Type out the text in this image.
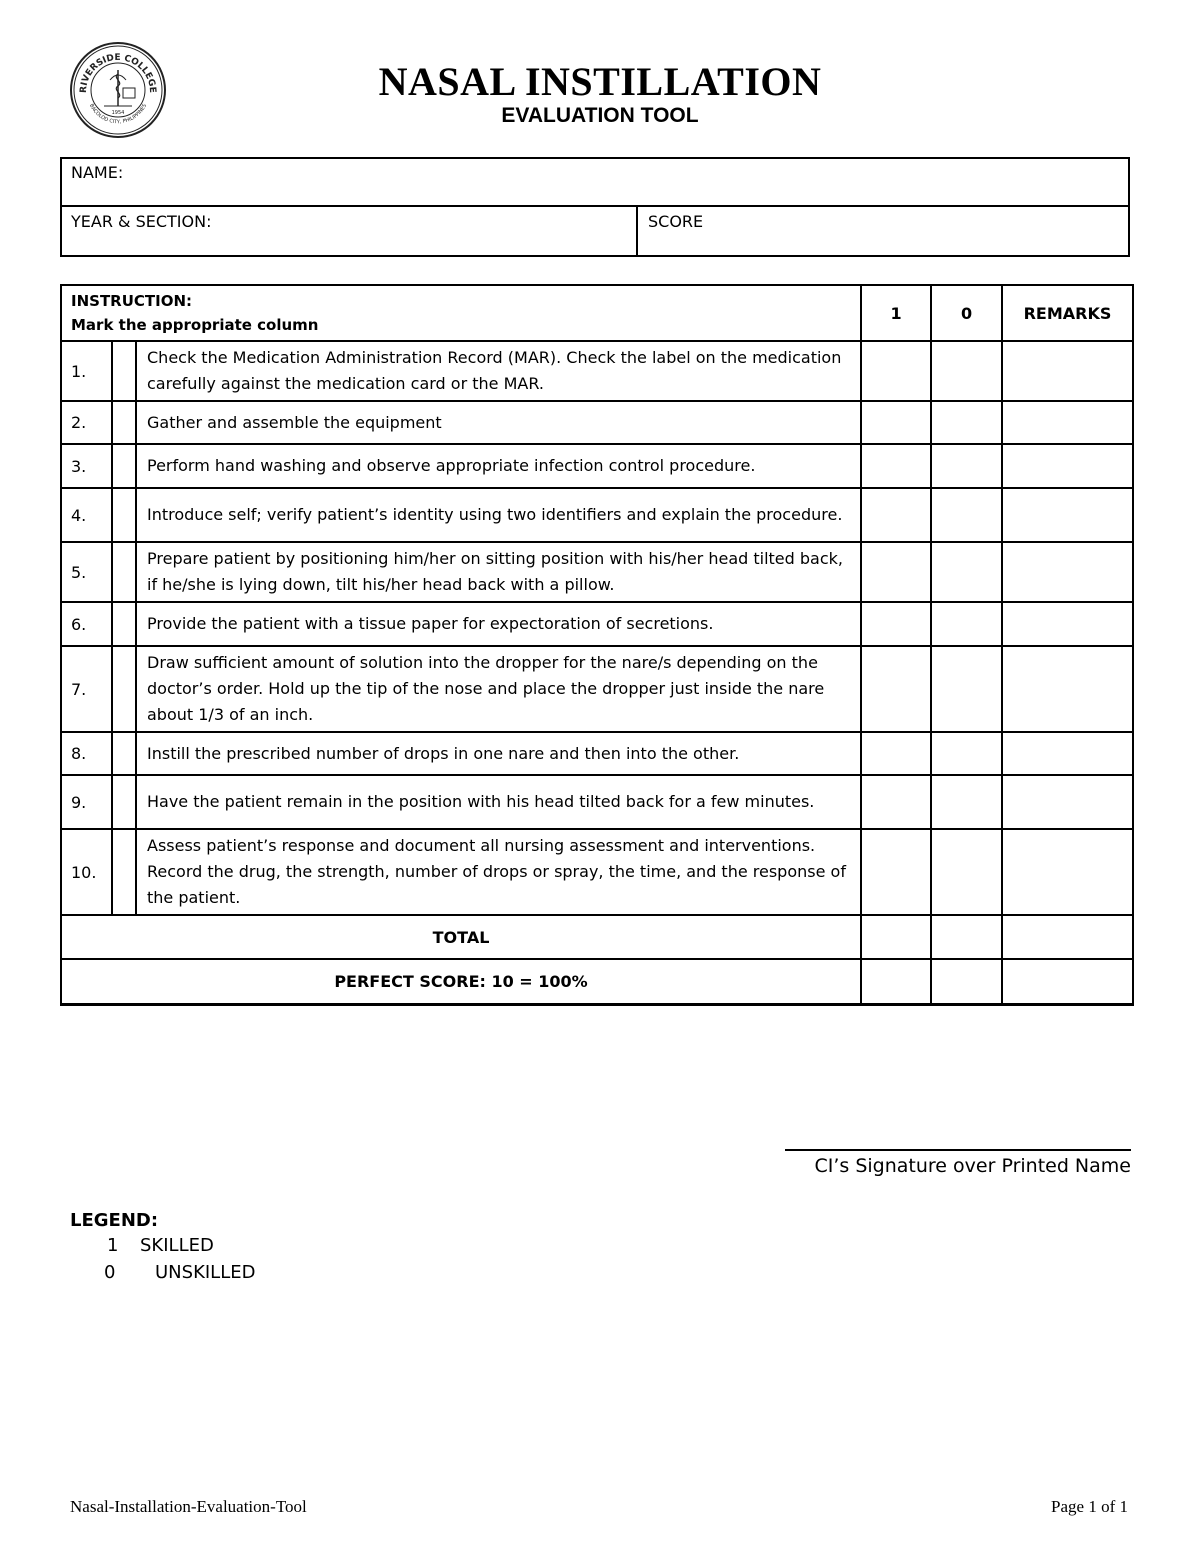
RIVERSIDE COLLEGE
BACOLOD CITY, PHILIPPINES
1954
NASAL INSTILLATION
EVALUATION TOOL
NAME:
YEAR & SECTION:	SCORE
INSTRUCTION:
Mark the appropriate column			1	0	REMARKS
1.		Check the Medication Administration Record (MAR). Check the label on the medication carefully against the medication card or the MAR.			
2.		Gather and assemble the equipment			
3.		Perform hand washing and observe appropriate infection control procedure.			
4.		Introduce self; verify patient’s identity using two identifiers and explain the procedure.			
5.		Prepare patient by positioning him/her on sitting position with his/her head tilted back, if he/she is lying down, tilt his/her head back with a pillow.			
6.		Provide the patient with a tissue paper for expectoration of secretions.			
7.		Draw sufficient amount of solution into the dropper for the nare/s depending on the doctor’s order. Hold up the tip of the nose and place the dropper just inside the nare about 1/3 of an inch.			
8.		Instill the prescribed number of drops in one nare and then into the other.			
9.		Have the patient remain in the position with his head tilted back for a few minutes.			
10.		Assess patient’s response and document all nursing assessment and interventions. Record the drug, the strength, number of drops or spray, the time, and the response of the patient.			
TOTAL					
PERFECT SCORE: 10 = 100%					
CI’s Signature over Printed Name
LEGEND:
1 SKILLED
0 UNSKILLED
Nasal-Installation-Evaluation-Tool	Page 1 of 1
